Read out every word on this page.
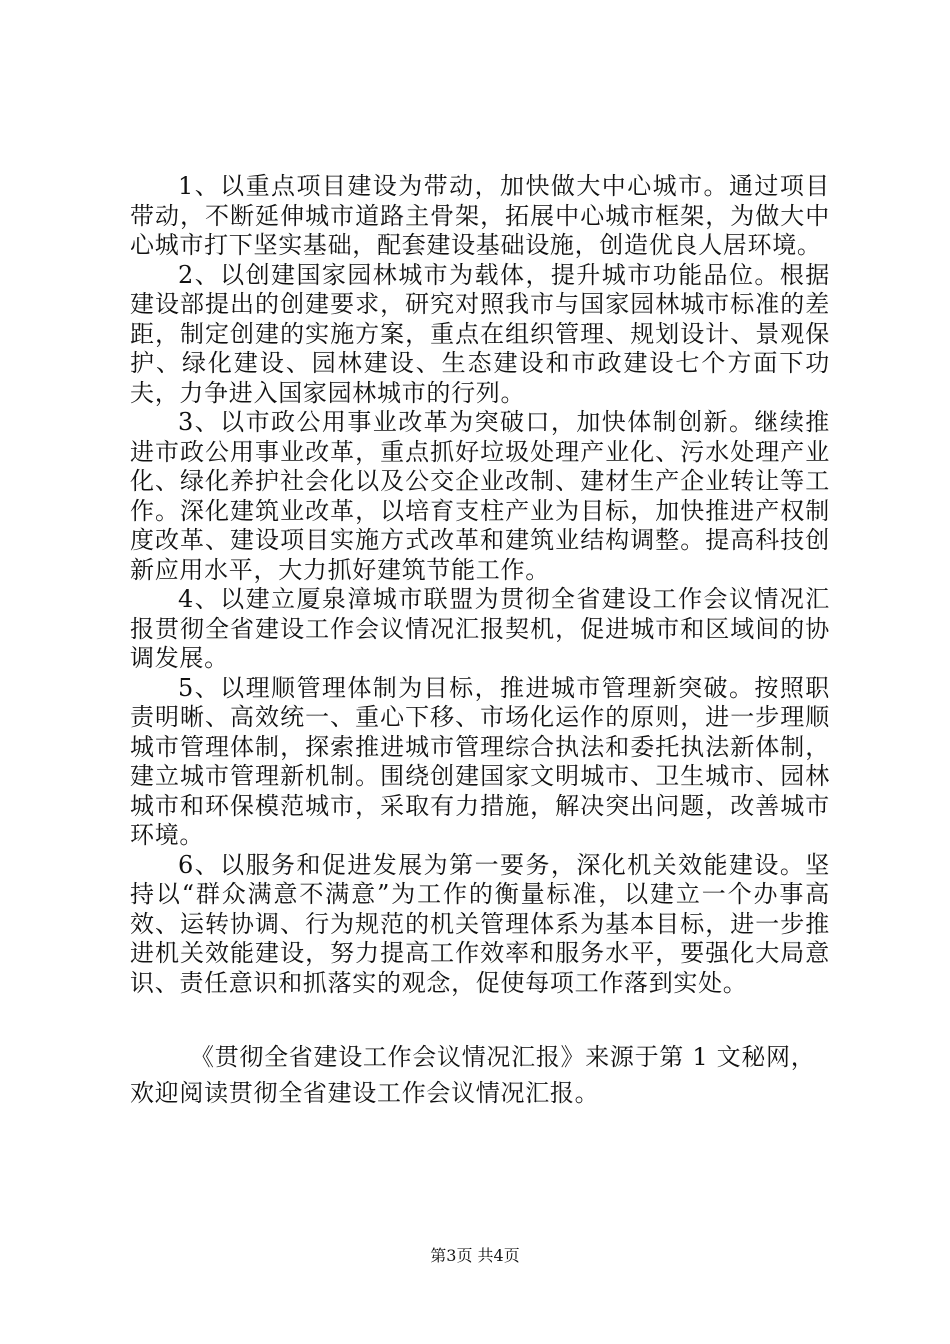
1、以重点项目建设为带动，加快做大中心城市。通过项目带动，不断延伸城市道路主骨架，拓展中心城市框架，为做大中心城市打下坚实基础，配套建设基础设施，创造优良人居环境。

2、以创建国家园林城市为载体，提升城市功能品位。根据建设部提出的创建要求，研究对照我市与国家园林城市标准的差距，制定创建的实施方案，重点在组织管理、规划设计、景观保护、绿化建设、园林建设、生态建设和市政建设七个方面下功夫，力争进入国家园林城市的行列。

3、以市政公用事业改革为突破口，加快体制创新。继续推进市政公用事业改革，重点抓好垃圾处理产业化、污水处理产业化、绿化养护社会化以及公交企业改制、建材生产企业转让等工作。深化建筑业改革，以培育支柱产业为目标，加快推进产权制度改革、建设项目实施方式改革和建筑业结构调整。提高科技创新应用水平，大力抓好建筑节能工作。

4、以建立厦泉漳城市联盟为贯彻全省建设工作会议情况汇报贯彻全省建设工作会议情况汇报契机，促进城市和区域间的协调发展。

5、以理顺管理体制为目标，推进城市管理新突破。按照职责明晰、高效统一、重心下移、市场化运作的原则，进一步理顺城市管理体制，探索推进城市管理综合执法和委托执法新体制，建立城市管理新机制。围绕创建国家文明城市、卫生城市、园林城市和环保模范城市，采取有力措施，解决突出问题，改善城市环境。

6、以服务和促进发展为第一要务，深化机关效能建设。坚持以“群众满意不满意”为工作的衡量标准，以建立一个办事高效、运转协调、行为规范的机关管理体系为基本目标，进一步推进机关效能建设，努力提高工作效率和服务水平，要强化大局意识、责任意识和抓落实的观念，促使每项工作落到实处。

《贯彻全省建设工作会议情况汇报》来源于第 1 文秘网，

欢迎阅读贯彻全省建设工作会议情况汇报。

第3页 共4页
